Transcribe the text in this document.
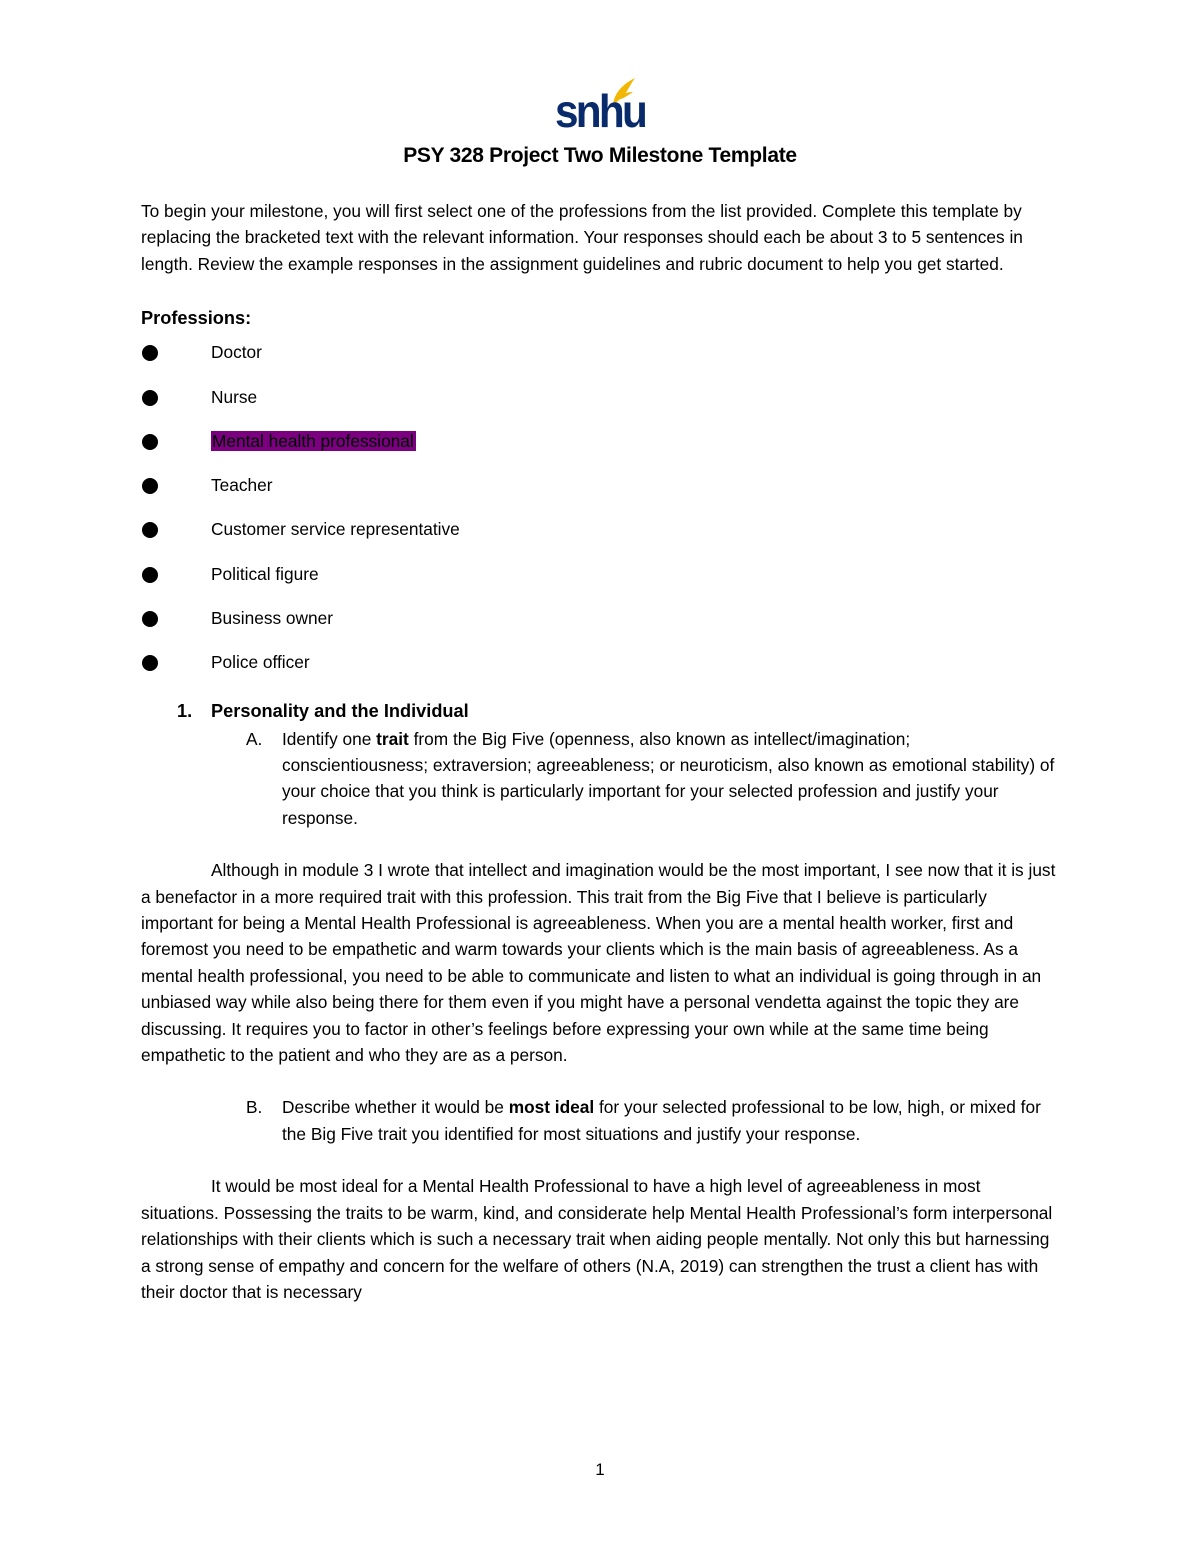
snhu
PSY 328 Project Two Milestone Template

To begin your milestone, you will first select one of the professions from the list provided. Complete this template by replacing the bracketed text with the relevant information. Your responses should each be about 3 to 5 sentences in length. Review the example responses in the assignment guidelines and rubric document to help you get started.

Professions:
Doctor
Nurse
Mental health professional
Teacher
Customer service representative
Political figure
Business owner
Police officer
1. Personality and the Individual

A. Identify one trait from the Big Five (openness, also known as intellect/imagination; conscientiousness; extraversion; agreeableness; or neuroticism, also known as emotional stability) of your choice that you think is particularly important for your selected profession and justify your response.

Although in module 3 I wrote that intellect and imagination would be the most important, I see now that it is just a benefactor in a more required trait with this profession. This trait from the Big Five that I believe is particularly important for being a Mental Health Professional is agreeableness. When you are a mental health worker, first and foremost you need to be empathetic and warm towards your clients which is the main basis of agreeableness. As a mental health professional, you need to be able to communicate and listen to what an individual is going through in an unbiased way while also being there for them even if you might have a personal vendetta against the topic they are discussing. It requires you to factor in other’s feelings before expressing your own while at the same time being empathetic to the patient and who they are as a person.

B. Describe whether it would be most ideal for your selected professional to be low, high, or mixed for the Big Five trait you identified for most situations and justify your response.

It would be most ideal for a Mental Health Professional to have a high level of agreeableness in most situations. Possessing the traits to be warm, kind, and considerate help Mental Health Professional’s form interpersonal relationships with their clients which is such a necessary trait when aiding people mentally. Not only this but harnessing a strong sense of empathy and concern for the welfare of others (N.A, 2019) can strengthen the trust a client has with their doctor that is necessary

1
